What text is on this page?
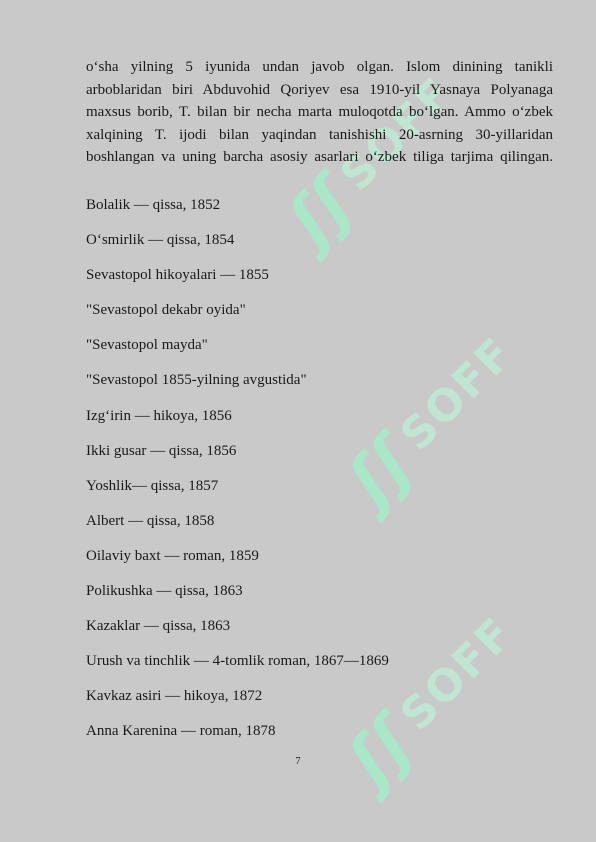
ʃʃ
SOFF
ʃʃ
SOFF
ʃʃ
SOFF

o‘sha yilning 5 iyunida undan javob olgan. Islom dinining tanikli
arboblaridan biri Abduvohid Qoriyev esa 1910-yil Yasnaya Polyanaga
maxsus borib, T. bilan bir necha marta muloqotda bo‘lgan. Ammo o‘zbek
xalqining T. ijodi bilan yaqindan tanishishi 20-asrning 30-yillaridan
boshlangan va uning barcha asosiy asarlari o‘zbek tiliga tarjima qilingan.

Bolalik — qissa, 1852
O‘smirlik — qissa, 1854
Sevastopol hikoyalari — 1855
"Sevastopol dekabr oyida"
"Sevastopol mayda"
"Sevastopol 1855-yilning avgustida"
Izg‘irin — hikoya, 1856
Ikki gusar — qissa, 1856
Yoshlik— qissa, 1857
Albert — qissa, 1858
Oilaviy baxt — roman, 1859
Polikushka — qissa, 1863
Kazaklar — qissa, 1863
Urush va tinchlik — 4-tomlik roman, 1867—1869
Kavkaz asiri — hikoya, 1872
Anna Karenina — roman, 1878
7
